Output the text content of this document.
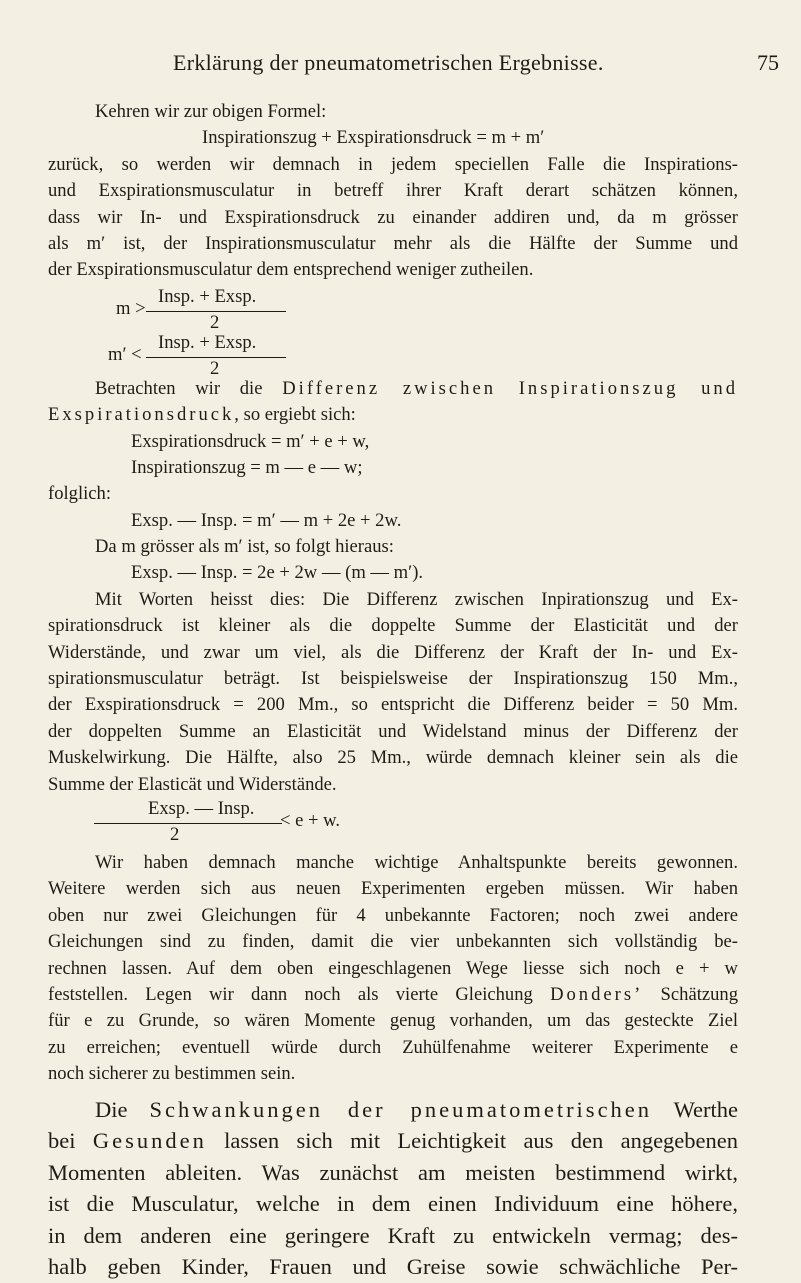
Erklärung der pneumatometrischen Ergebnisse.	75
Kehren wir zur obigen Formel:
Inspirationszug + Exspirationsdruck = m + m′
zurück, so werden wir demnach in jedem speciellen Falle die Inspirations-
und Exspirationsmusculatur in betreff ihrer Kraft derart schätzen können,
dass wir In- und Exspirationsdruck zu einander addiren und, da m grösser
als m′ ist, der Inspirationsmusculatur mehr als die Hälfte der Summe und
der Exspirationsmusculatur dem entsprechend weniger zutheilen.
m >
Insp. + Exsp.
2
m′ <
Insp. + Exsp.
2
Betrachten wir die Differenz zwischen Inspirationszug und
Exspirationsdruck, so ergiebt sich:
Exspirationsdruck = m′ + e + w,
Inspirationszug = m — e — w;
folglich:
Exsp. — Insp. = m′ — m + 2e + 2w.
Da m grösser als m′ ist, so folgt hieraus:
Exsp. — Insp. = 2e + 2w — (m — m′).
Mit Worten heisst dies: Die Differenz zwischen Inpirationszug und Ex-
spirationsdruck ist kleiner als die doppelte Summe der Elasticität und der
Widerstände, und zwar um viel, als die Differenz der Kraft der In- und Ex-
spirationsmusculatur beträgt. Ist beispielsweise der Inspirationszug 150 Mm.,
der Exspirationsdruck = 200 Mm., so entspricht die Differenz beider = 50 Mm.
der doppelten Summe an Elasticität und Widelstand minus der Differenz der
Muskelwirkung. Die Hälfte, also 25 Mm., würde demnach kleiner sein als die
Summe der Elasticät und Widerstände.
Exsp. — Insp.
2
< e + w.
Wir haben demnach manche wichtige Anhaltspunkte bereits gewonnen.
Weitere werden sich aus neuen Experimenten ergeben müssen. Wir haben
oben nur zwei Gleichungen für 4 unbekannte Factoren; noch zwei andere
Gleichungen sind zu finden, damit die vier unbekannten sich vollständig be-
rechnen lassen. Auf dem oben eingeschlagenen Wege liesse sich noch e + w
feststellen. Legen wir dann noch als vierte Gleichung Donders’ Schätzung
für e zu Grunde, so wären Momente genug vorhanden, um das gesteckte Ziel
zu erreichen; eventuell würde durch Zuhülfenahme weiterer Experimente e
noch sicherer zu bestimmen sein.
Die Schwankungen der pneumatometrischen Werthe
bei Gesunden lassen sich mit Leichtigkeit aus den angegebenen
Momenten ableiten. Was zunächst am meisten bestimmend wirkt,
ist die Musculatur, welche in dem einen Individuum eine höhere,
in dem anderen eine geringere Kraft zu entwickeln vermag; des-
halb geben Kinder, Frauen und Greise sowie schwächliche Per-
